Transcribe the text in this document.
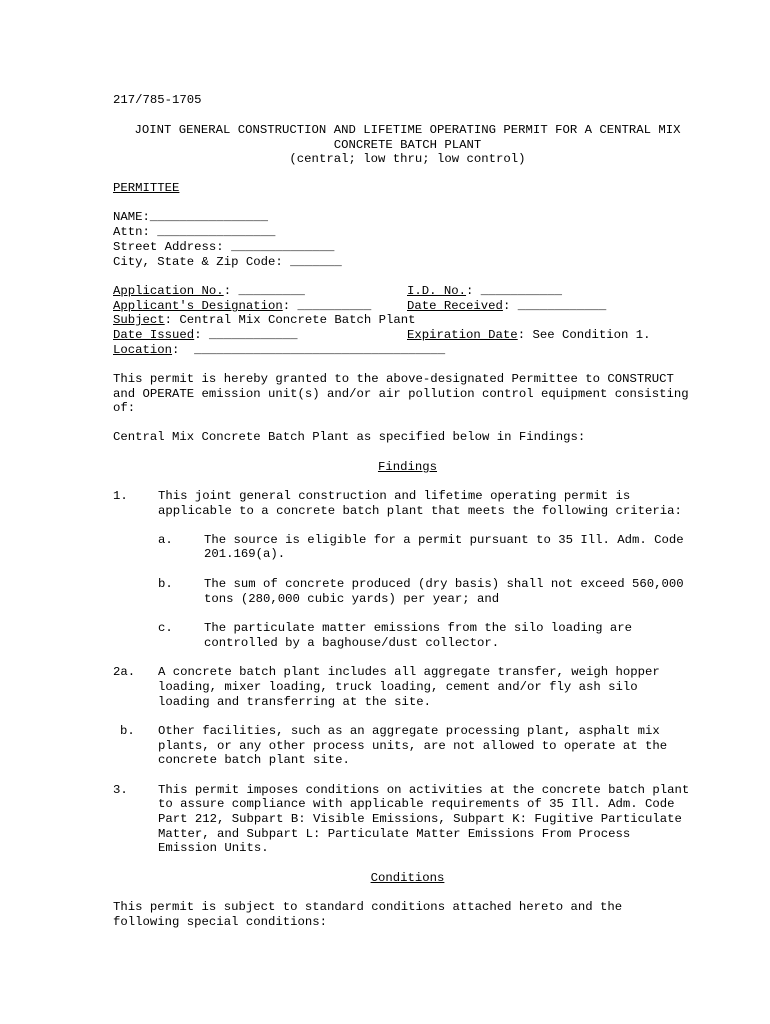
217/785-1705
JOINT GENERAL CONSTRUCTION AND LIFETIME OPERATING PERMIT FOR A CENTRAL MIX
CONCRETE BATCH PLANT
(central; low thru; low control)
PERMITTEE
NAME:________________
Attn: ________________
Street Address: ______________
City, State & Zip Code: _______
Application No.: _________	I.D. No.: ___________
Applicant's Designation: __________	Date Received: ____________
Subject: Central Mix Concrete Batch Plant
Date Issued: ____________	Expiration Date: See Condition 1.
Location:  __________________________________
This permit is hereby granted to the above-designated Permittee to CONSTRUCT
and OPERATE emission unit(s) and/or air pollution control equipment consisting
of:
Central Mix Concrete Batch Plant as specified below in Findings:
Findings
1. This joint general construction and lifetime operating permit is
applicable to a concrete batch plant that meets the following criteria:
a.	The source is eligible for a permit pursuant to 35 Ill. Adm. Code
201.169(a).
b.	The sum of concrete produced (dry basis) shall not exceed 560,000
tons (280,000 cubic yards) per year; and
c.	The particulate matter emissions from the silo loading are
controlled by a baghouse/dust collector.
2a. A concrete batch plant includes all aggregate transfer, weigh hopper
loading, mixer loading, truck loading, cement and/or fly ash silo
loading and transferring at the site.
b. Other facilities, such as an aggregate processing plant, asphalt mix
plants, or any other process units, are not allowed to operate at the
concrete batch plant site.
3. This permit imposes conditions on activities at the concrete batch plant
to assure compliance with applicable requirements of 35 Ill. Adm. Code
Part 212, Subpart B: Visible Emissions, Subpart K: Fugitive Particulate
Matter, and Subpart L: Particulate Matter Emissions From Process
Emission Units.
Conditions
This permit is subject to standard conditions attached hereto and the
following special conditions:
